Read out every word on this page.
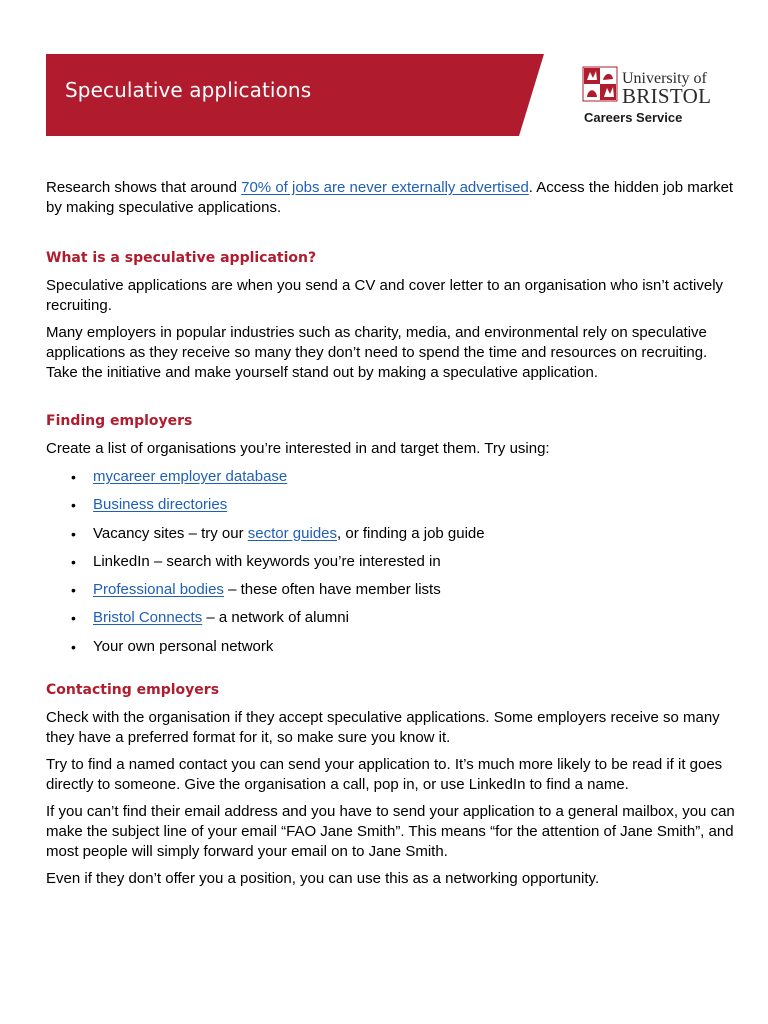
Speculative applications	University of
BRISTOL
Careers Service

Research shows that around 70% of jobs are never externally advertised. Access the hidden job market by making speculative applications.

What is a speculative application?

Speculative applications are when you send a CV and cover letter to an organisation who isn’t actively recruiting.

Many employers in popular industries such as charity, media, and environmental rely on speculative applications as they receive so many they don’t need to spend the time and resources on recruiting. Take the initiative and make yourself stand out by making a speculative application.

Finding employers

Create a list of organisations you’re interested in and target them. Try using:

• mycareer employer database
• Business directories
• Vacancy sites – try our sector guides, or finding a job guide
• LinkedIn – search with keywords you’re interested in
• Professional bodies – these often have member lists
• Bristol Connects – a network of alumni
• Your own personal network
Contacting employers

Check with the organisation if they accept speculative applications. Some employers receive so many they have a preferred format for it, so make sure you know it.

Try to find a named contact you can send your application to. It’s much more likely to be read if it goes directly to someone. Give the organisation a call, pop in, or use LinkedIn to find a name.

If you can’t find their email address and you have to send your application to a general mailbox, you can make the subject line of your email “FAO Jane Smith”. This means “for the attention of Jane Smith”, and most people will simply forward your email on to Jane Smith.

Even if they don’t offer you a position, you can use this as a networking opportunity.
